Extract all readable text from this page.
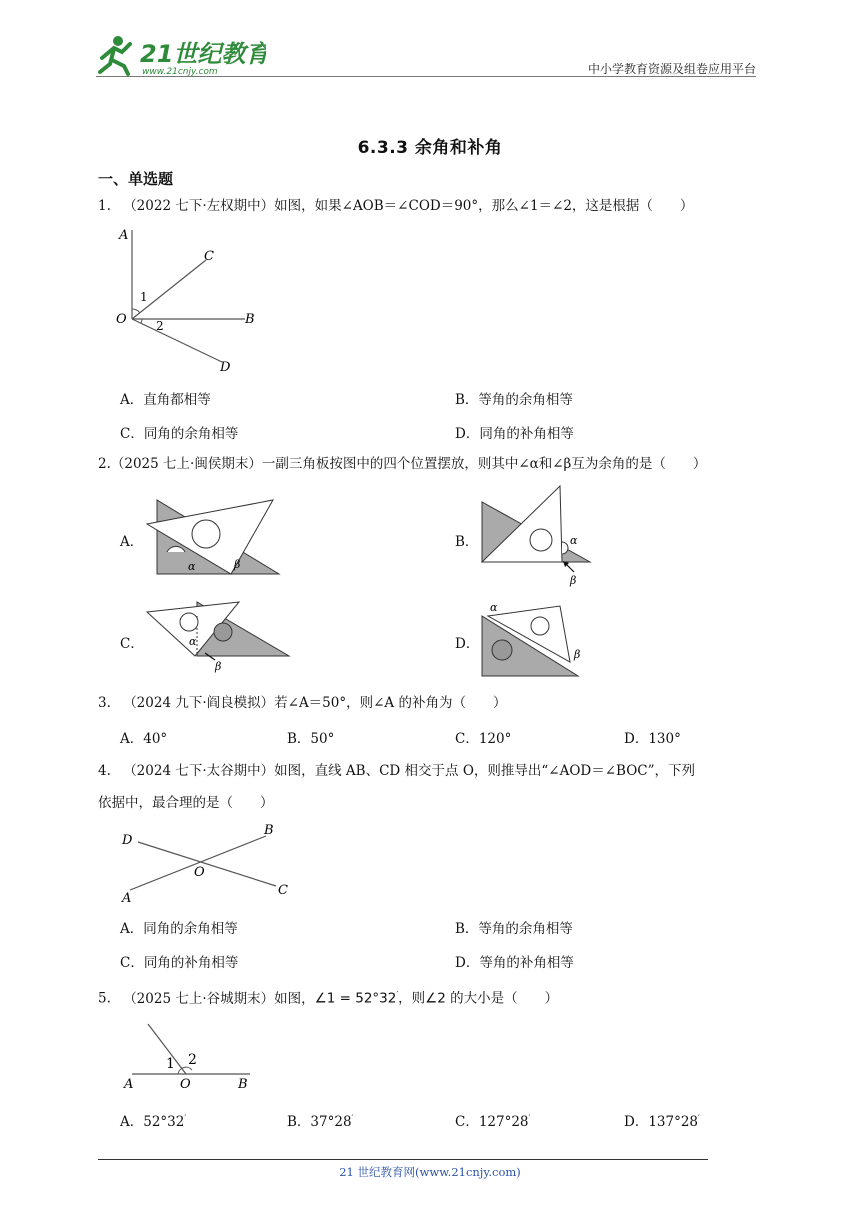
21世纪教育
www.21cnjy.com	中小学教育资源及组卷应用平台
6.3.3 余角和补角
一、单选题
1. （2022 七下·左权期中）如图，如果∠AOB＝∠COD＝90°，那么∠1＝∠2，这是根据（　　）
A
C
O	B
D
1
2
A．直角都相等	B．等角的余角相等
C．同角的余角相等	D．同角的补角相等
2.（2025 七上·闽侯期末）一副三角板按图中的四个位置摆放，则其中∠α和∠β互为余角的是（　　）
A．
α	β
B．	α
β
C．	α
β
D．
α
β
3. （2024 九下·阎良模拟）若∠A＝50°，则∠A 的补角为（　　）
A．40°	B．50°	C．120°	D．130°
4. （2024 七下·太谷期中）如图，直线 AB、CD 相交于点 O，则推导出“∠AOD＝∠BOC”，下列
依据中，最合理的是（　　）
D
B
O
A
C
A．同角的余角相等	B．等角的余角相等
C．同角的补角相等	D．等角的补角相等
5. （2025 七上·谷城期末）如图，∠1 = 52°32′，则∠2 的大小是（　　）
1 2
A	O	B
A．52°32′	B．37°28′	C．127°28′	D．137°28′
21 世纪教育网(www.21cnjy.com)
